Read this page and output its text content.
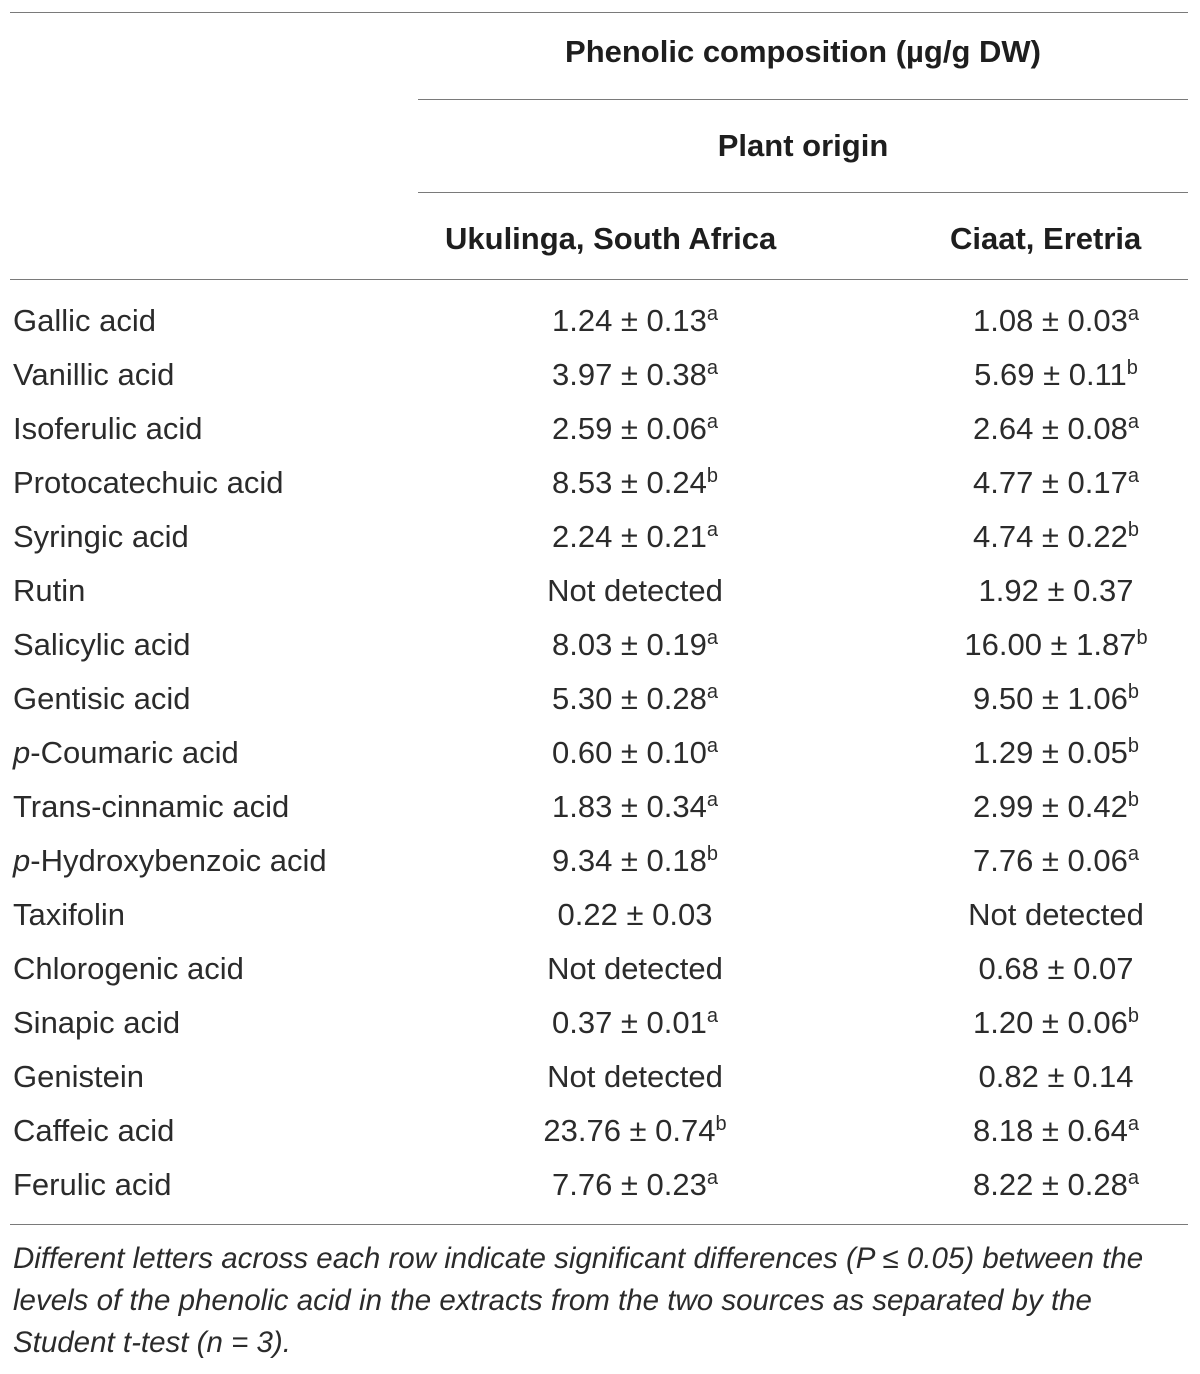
Phenolic composition (µg/g DW)
Plant origin
Ukulinga, South Africa	Ciaat, Eretria
Gallic acid	1.24 ± 0.13$^a$	1.08 ± 0.03$^a$
Vanillic acid	3.97 ± 0.38$^a$	5.69 ± 0.11$^b$
Isoferulic acid	2.59 ± 0.06$^a$	2.64 ± 0.08$^a$
Protocatechuic acid	8.53 ± 0.24$^b$	4.77 ± 0.17$^a$
Syringic acid	2.24 ± 0.21$^a$	4.74 ± 0.22$^b$
Rutin	Not detected	1.92 ± 0.37
Salicylic acid	8.03 ± 0.19$^a$	16.00 ± 1.87$^b$
Gentisic acid	5.30 ± 0.28$^a$	9.50 ± 1.06$^b$
p-Coumaric acid	0.60 ± 0.10$^a$	1.29 ± 0.05$^b$
Trans-cinnamic acid	1.83 ± 0.34$^a$	2.99 ± 0.42$^b$
p-Hydroxybenzoic acid	9.34 ± 0.18$^b$	7.76 ± 0.06$^a$
Taxifolin	0.22 ± 0.03	Not detected
Chlorogenic acid	Not detected	0.68 ± 0.07
Sinapic acid	0.37 ± 0.01$^a$	1.20 ± 0.06$^b$
Genistein	Not detected	0.82 ± 0.14
Caffeic acid	23.76 ± 0.74$^b$	8.18 ± 0.64$^a$
Ferulic acid	7.76 ± 0.23$^a$	8.22 ± 0.28$^a$
Different letters across each row indicate significant differences (P ≤ 0.05) between the levels of the phenolic acid in the extracts from the two sources as separated by the Student t-test (n = 3).
